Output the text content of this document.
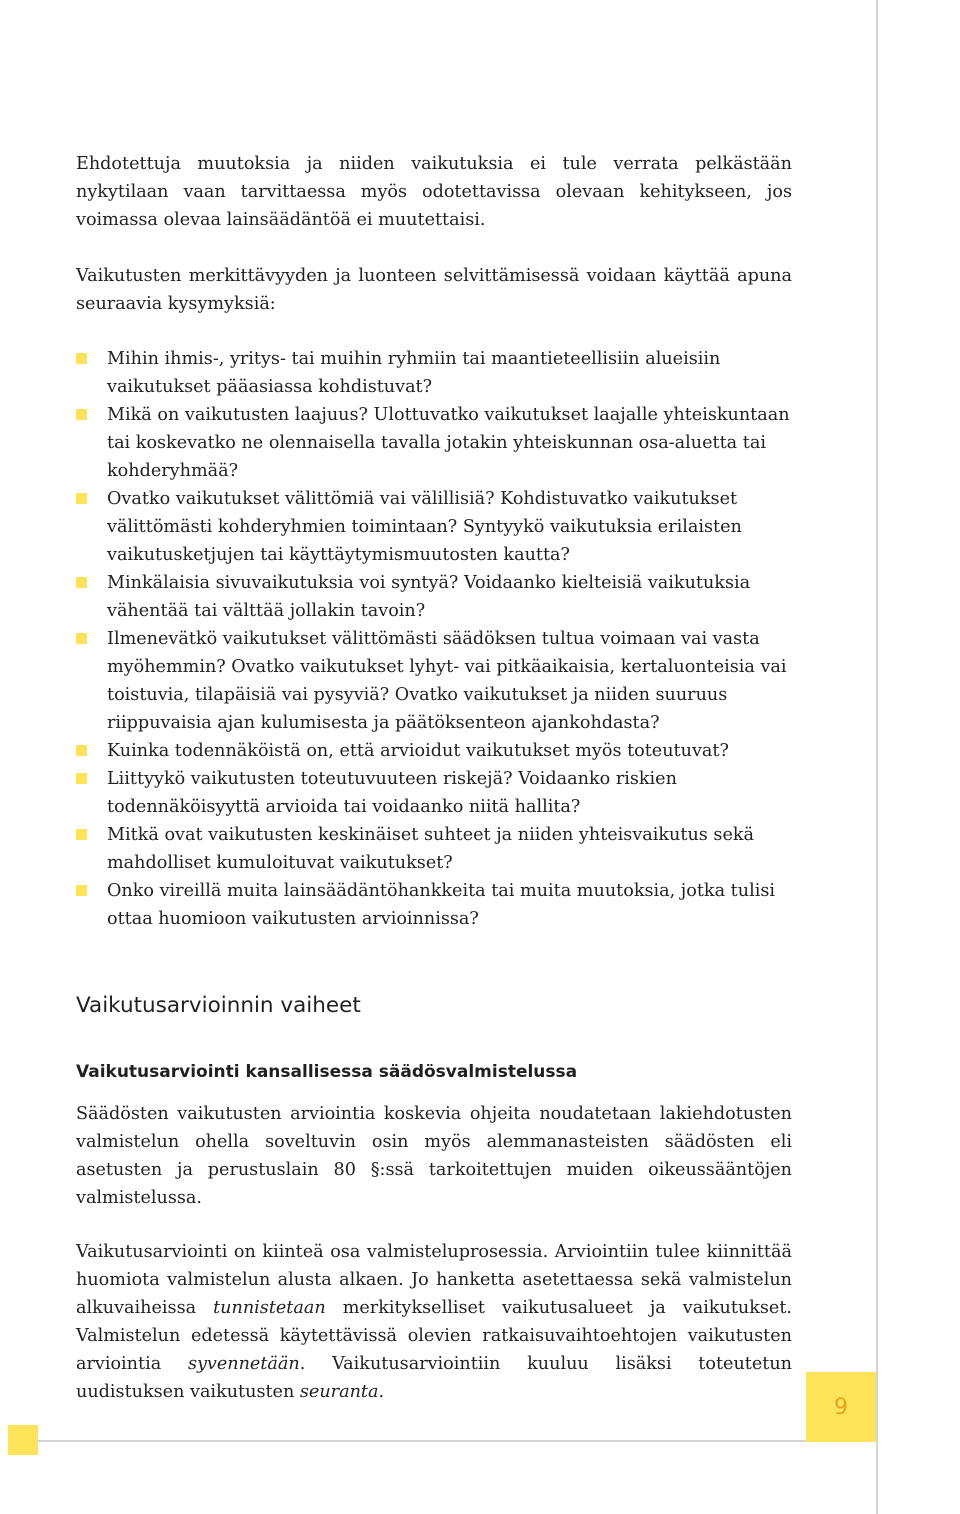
9

Ehdotettuja muutoksia ja niiden vaikutuksia ei tule verrata pelkästään nykytilaan vaan tarvittaessa myös odotettavissa olevaan kehitykseen, jos voimassa olevaa lainsäädäntöä ei muutettaisi.

Vaikutusten merkittävyyden ja luonteen selvittämisessä voidaan käyttää apuna seuraavia kysymyksiä:

Mihin ihmis-, yritys- tai muihin ryhmiin tai maantieteellisiin alueisiin vaikutukset pääasiassa kohdistuvat?
Mikä on vaikutusten laajuus? Ulottuvatko vaikutukset laajalle yhteiskuntaan tai koskevatko ne olennaisella tavalla jotakin yhteiskunnan osa-aluetta tai kohderyhmää?
Ovatko vaikutukset välittömiä vai välillisiä? Kohdistuvatko vaikutukset välittömästi kohderyhmien toimintaan? Syntyykö vaikutuksia erilaisten vaikutusketjujen tai käyttäytymismuutosten kautta?
Minkälaisia sivuvaikutuksia voi syntyä? Voidaanko kielteisiä vaikutuksia vähentää tai välttää jollakin tavoin?
Ilmenevätkö vaikutukset välittömästi säädöksen tultua voimaan vai vasta myöhemmin? Ovatko vaikutukset lyhyt- vai pitkäaikaisia, kertaluonteisia vai toistuvia, tilapäisiä vai pysyviä? Ovatko vaikutukset ja niiden suuruus riippuvaisia ajan kulumisesta ja päätöksenteon ajankohdasta?
Kuinka todennäköistä on, että arvioidut vaikutukset myös toteutuvat?
Liittyykö vaikutusten toteutuvuuteen riskejä? Voidaanko riskien todennäköisyyttä arvioida tai voidaanko niitä hallita?
Mitkä ovat vaikutusten keskinäiset suhteet ja niiden yhteisvaikutus sekä mahdolliset kumuloituvat vaikutukset?
Onko vireillä muita lainsäädäntöhankkeita tai muita muutoksia, jotka tulisi ottaa huomioon vaikutusten arvioinnissa?
Vaikutusarvioinnin vaiheet
Vaikutusarviointi kansallisessa säädösvalmistelussa

Säädösten vaikutusten arviointia koskevia ohjeita noudatetaan lakiehdotusten valmistelun ohella soveltuvin osin myös alemmanasteisten säädösten eli asetusten ja perustuslain 80 §:ssä tarkoitettujen muiden oikeussääntöjen valmistelussa.

Vaikutusarviointi on kiinteä osa valmisteluprosessia. Arviointiin tulee kiinnittää huomiota valmistelun alusta alkaen. Jo hanketta asetettaessa sekä valmistelun alkuvaiheissa tunnistetaan merkitykselliset vaikutusalueet ja vaikutukset. Valmistelun edetessä käytettävissä olevien ratkaisuvaihtoehtojen vaikutusten arviointia syvennetään. Vaikutusarviointiin kuuluu lisäksi toteutetun uudistuksen vaikutusten seuranta.
